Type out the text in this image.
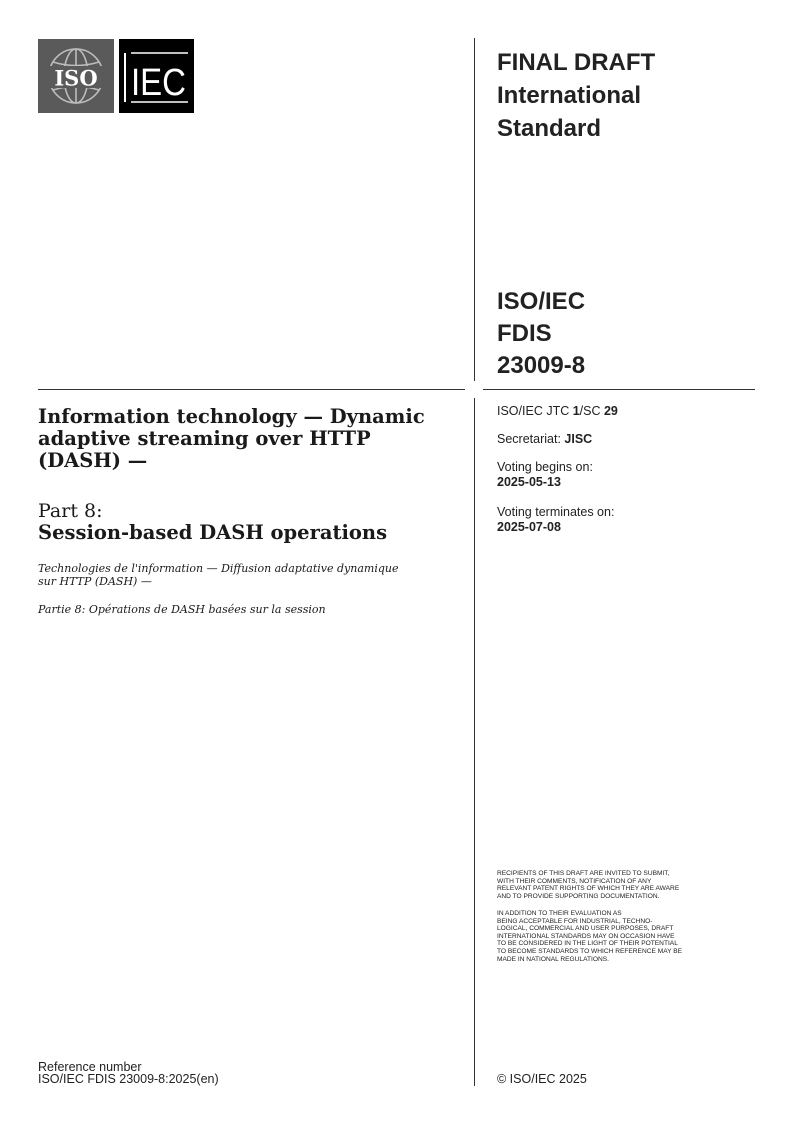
ISO IEC	FINAL DRAFT
International
Standard
ISO/IEC
FDIS
23009-8
ISO/IEC JTC 1/SC 29
Secretariat: JISC
Voting begins on:
2025-05-13
Voting terminates on:
2025-07-08
Information technology — Dynamic
adaptive streaming over HTTP
(DASH) —
Part 8:
Session-based DASH operations
Technologies de l'information — Diffusion adaptative dynamique
sur HTTP (DASH) —
Partie 8: Opérations de DASH basées sur la session
RECIPIENTS OF THIS DRAFT ARE INVITED TO SUBMIT,
WITH THEIR COMMENTS, NOTIFICATION OF ANY
RELEVANT PATENT RIGHTS OF WHICH THEY ARE AWARE
AND TO PROVIDE SUPPORTING DOCUMENTATION.
IN ADDITION TO THEIR EVALUATION AS
BEING ACCEPTABLE FOR INDUSTRIAL, TECHNO-
LOGICAL, COMMERCIAL AND USER PURPOSES, DRAFT
INTERNATIONAL STANDARDS MAY ON OCCASION HAVE
TO BE CONSIDERED IN THE LIGHT OF THEIR POTENTIAL
TO BECOME STANDARDS TO WHICH REFERENCE MAY BE
MADE IN NATIONAL REGULATIONS.
Reference number
ISO/IEC FDIS 23009-8:2025(en)	© ISO/IEC 2025
